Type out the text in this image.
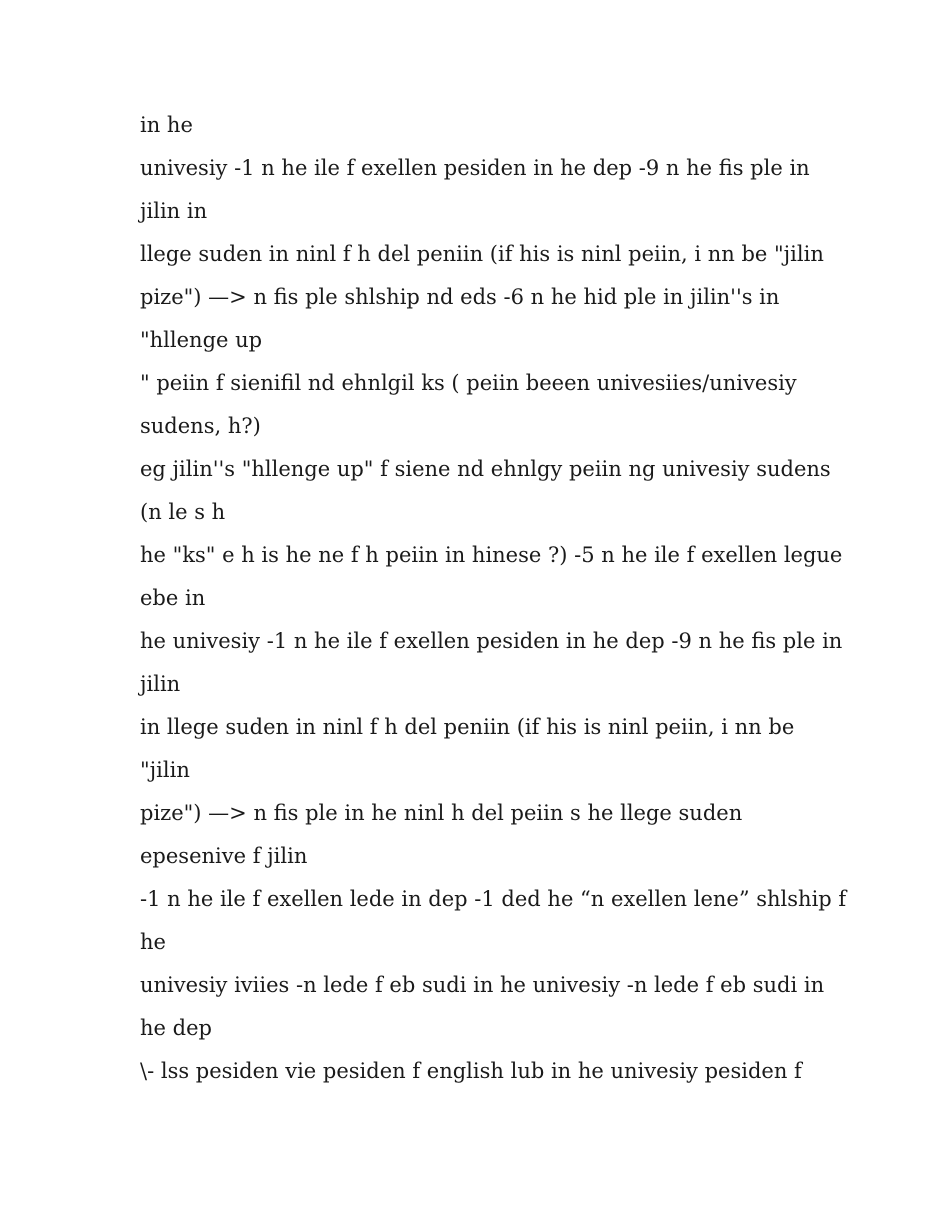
in he
univesiy -1 n he ile f exellen pesiden in he dep -9 n he fis ple in
jilin in
llege suden in ninl f h del peniin (if his is ninl peiin, i nn be "jilin
pize") —> n fis ple shlship nd eds -6 n he hid ple in jilin''s in
"hllenge up
" peiin f sienifil nd ehnlgil ks ( peiin beeen univesiies/univesiy
sudens, h?)
eg jilin''s "hllenge up" f siene nd ehnlgy peiin ng univesiy sudens
(n le s h
he "ks" e h is he ne f h peiin in hinese ?) -5 n he ile f exellen legue
ebe in
he univesiy -1 n he ile f exellen pesiden in he dep -9 n he fis ple in
jilin
in llege suden in ninl f h del peniin (if his is ninl peiin, i nn be
"jilin
pize") —> n fis ple in he ninl h del peiin s he llege suden
epesenive f jilin
-1 n he ile f exellen lede in dep -1 ded he “n exellen lene” shlship f
he
univesiy iviies -n lede f eb sudi in he univesiy -n lede f eb sudi in
he dep
\- lss pesiden vie pesiden f english lub in he univesiy pesiden f
